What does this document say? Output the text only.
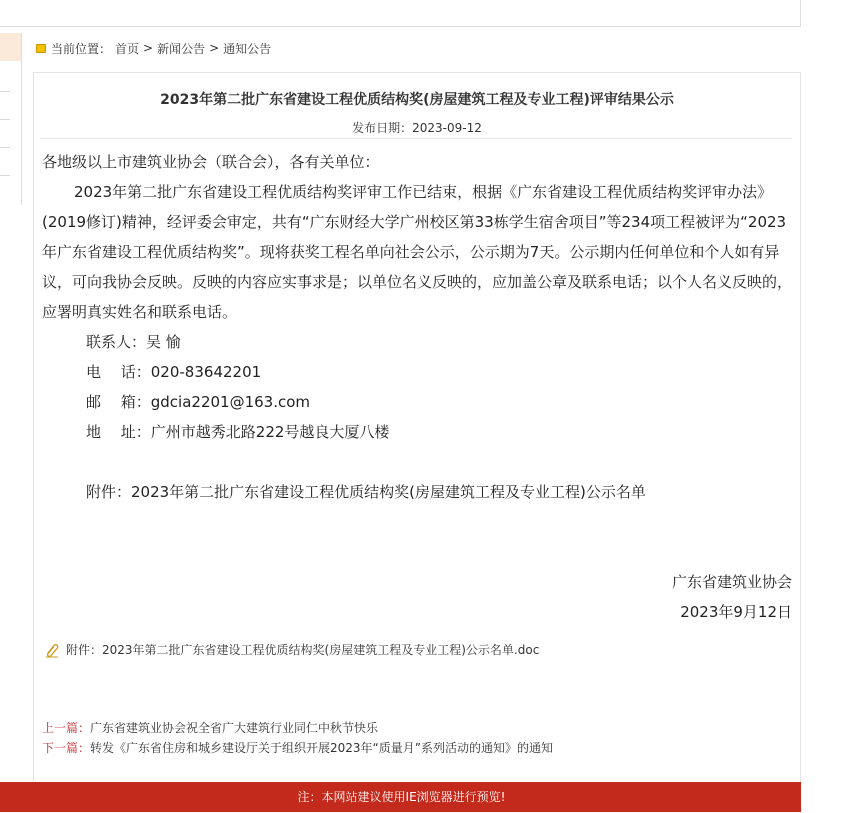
当前位置： 首页 > 新闻公告 > 通知公告
2023年第二批广东省建设工程优质结构奖(房屋建筑工程及专业工程)评审结果公示
发布日期：2023-09-12

各地级以上市建筑业协会（联合会），各有关单位：

2023年第二批广东省建设工程优质结构奖评审工作已结束，根据《广东省建设工程优质结构奖评审办法》(2019修订)精神，经评委会审定，共有“广东财经大学广州校区第33栋学生宿舍项目”等234项工程被评为“2023年广东省建设工程优质结构奖”。现将获奖工程名单向社会公示，公示期为7天。公示期内任何单位和个人如有异议，可向我协会反映。反映的内容应实事求是；以单位名义反映的，应加盖公章及联系电话；以个人名义反映的，应署明真实姓名和联系电话。

联系人：吴 愉

电　 话：020-83642201

邮　 箱：gdcia2201@163.com

地　 址：广州市越秀北路222号越良大厦八楼

附件：2023年第二批广东省建设工程优质结构奖(房屋建筑工程及专业工程)公示名单

广东省建筑业协会

2023年9月12日

附件： 2023年第二批广东省建设工程优质结构奖(房屋建筑工程及专业工程)公示名单.doc
上一篇：广东省建筑业协会祝全省广大建筑行业同仁中秋节快乐
下一篇：转发《广东省住房和城乡建设厅关于组织开展2023年“质量月”系列活动的通知》的通知
注：本网站建议使用IE浏览器进行预览!
